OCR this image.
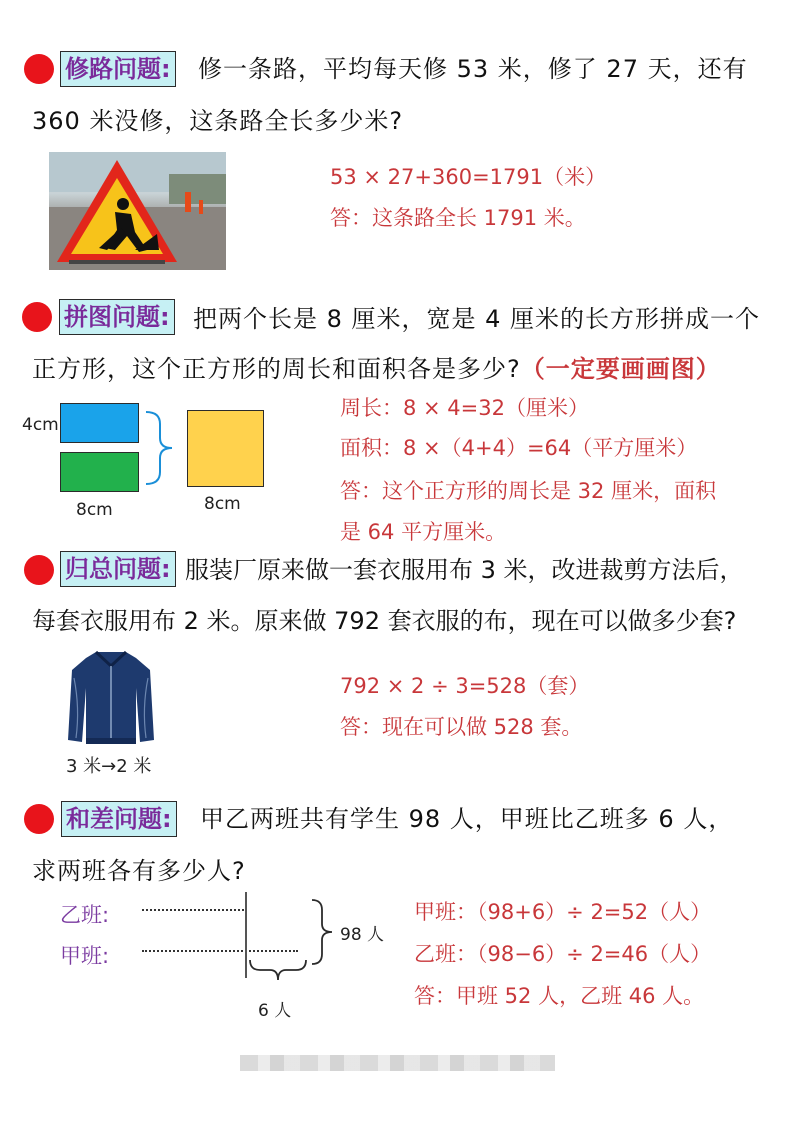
修路问题: 修一条路，平均每天修 53 米，修了 27 天，还有
360 米没修，这条路全长多少米?
53 × 27+360=1791（米）
答：这条路全长 1791 米。
拼图问题: 把两个长是 8 厘米，宽是 4 厘米的长方形拼成一个
正方形，这个正方形的周长和面积各是多少?（一定要画画图）
4cm
8cm	8cm
周长：8 × 4=32（厘米）
面积：8 ×（4+4）=64（平方厘米）
答：这个正方形的周长是 32 厘米，面积
是 64 平方厘米。
归总问题: 服装厂原来做一套衣服用布 3 米，改进裁剪方法后，
每套衣服用布 2 米。原来做 792 套衣服的布，现在可以做多少套?
3 米→2 米
792 × 2 ÷ 3=528（套）
答：现在可以做 528 套。
和差问题: 甲乙两班共有学生 98 人，甲班比乙班多 6 人，
求两班各有多少人?
乙班:
甲班:
98 人
6 人
甲班：（98+6）÷ 2=52（人）
乙班：（98−6）÷ 2=46（人）
答：甲班 52 人，乙班 46 人。
